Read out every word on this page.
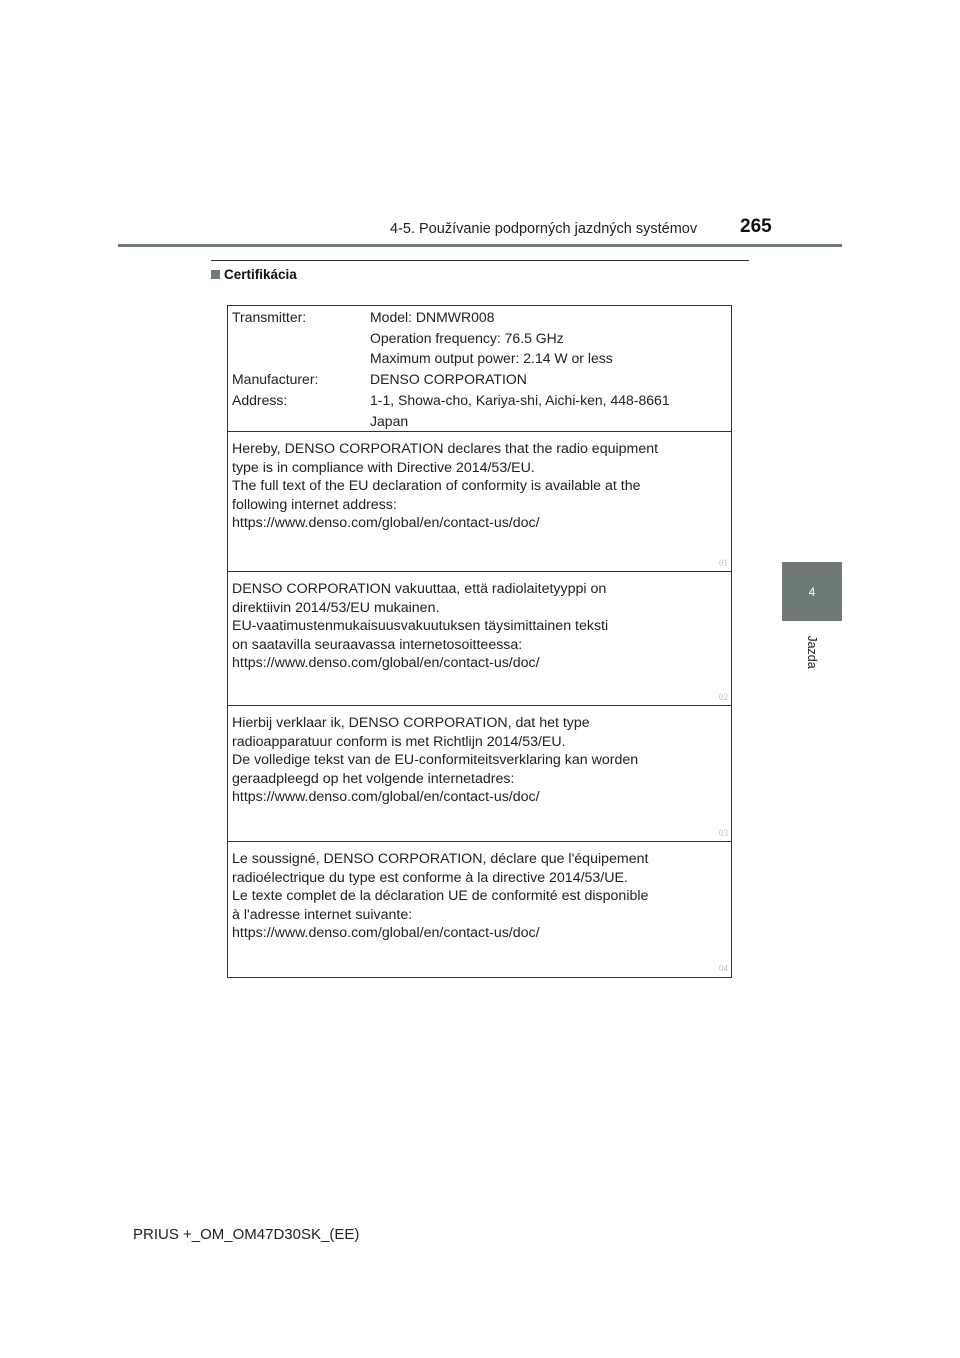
4-5. Používanie podporných jazdných systémov 265
Certifikácia
4
Jazda
Transmitter:	Model: DNMWR008
Operation frequency: 76.5 GHz
Maximum output power: 2.14 W or less
Manufacturer:	DENSO CORPORATION
Address:	1-1, Showa-cho, Kariya-shi, Aichi-ken, 448-8661
Japan
Hereby, DENSO CORPORATION declares that the radio equipment
type is in compliance with Directive 2014/53/EU.
The full text of the EU declaration of conformity is available at the
following internet address:
https://www.denso.com/global/en/contact-us/doc/
01
DENSO CORPORATION vakuuttaa, että radiolaitetyyppi on
direktiivin 2014/53/EU mukainen.
EU-vaatimustenmukaisuusvakuutuksen täysimittainen teksti
on saatavilla seuraavassa internetosoitteessa:
https://www.denso.com/global/en/contact-us/doc/
02
Hierbij verklaar ik, DENSO CORPORATION, dat het type
radioapparatuur conform is met Richtlijn 2014/53/EU.
De volledige tekst van de EU-conformiteitsverklaring kan worden
geraadpleegd op het volgende internetadres:
https://www.denso.com/global/en/contact-us/doc/
03
Le soussigné, DENSO CORPORATION, déclare que l'équipement
radioélectrique du type est conforme à la directive 2014/53/UE.
Le texte complet de la déclaration UE de conformité est disponible
à l'adresse internet suivante:
https://www.denso.com/global/en/contact-us/doc/
04
PRIUS +_OM_OM47D30SK_(EE)
